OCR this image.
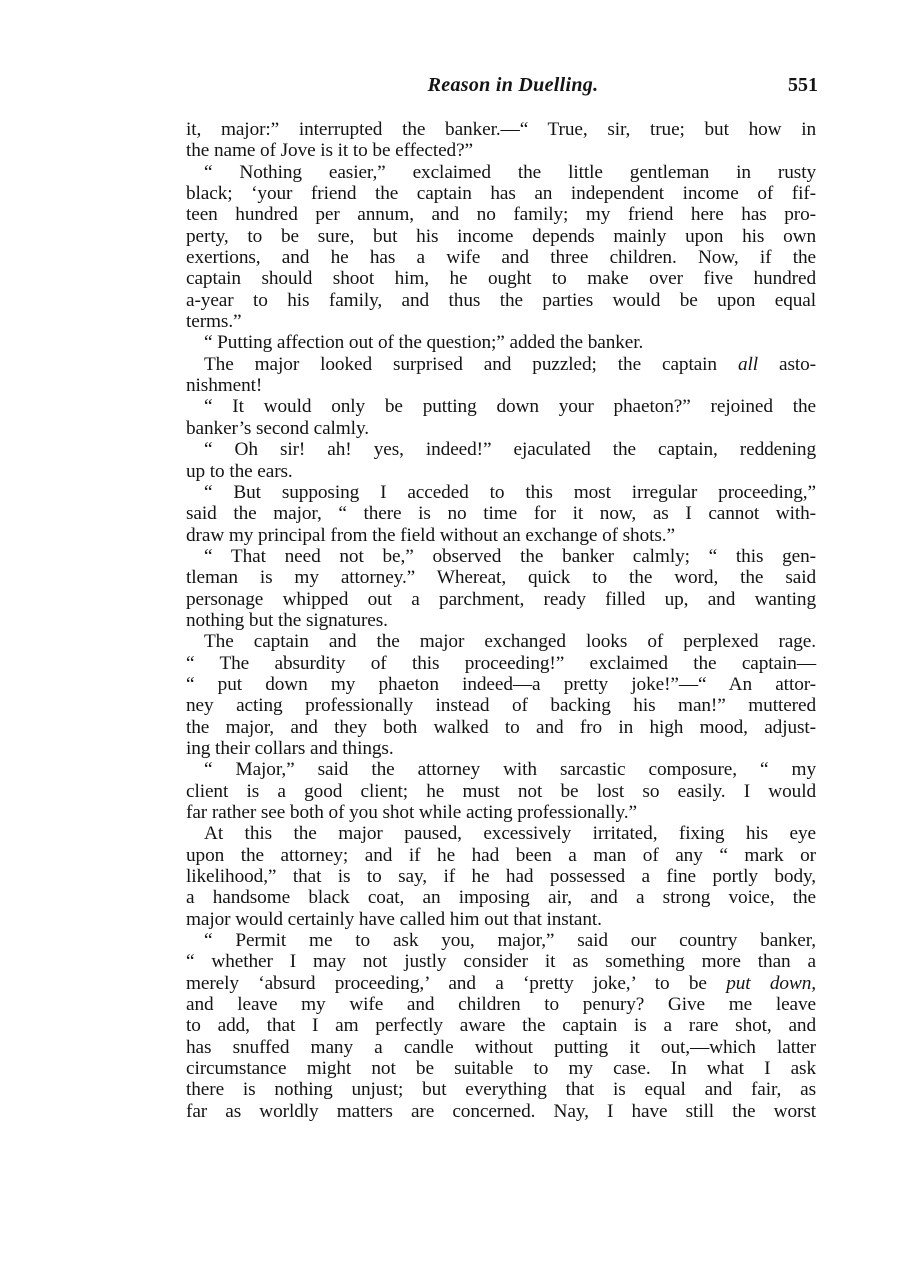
Reason in Duelling.	551
it, major:” interrupted the banker.—“ True, sir, true; but how in
the name of Jove is it to be effected?”
“ Nothing easier,” exclaimed the little gentleman in rusty
black; ‘your friend the captain has an independent income of fif-
teen hundred per annum, and no family; my friend here has pro-
perty, to be sure, but his income depends mainly upon his own
exertions, and he has a wife and three children. Now, if the
captain should shoot him, he ought to make over five hundred
a-year to his family, and thus the parties would be upon equal
terms.”
“ Putting affection out of the question;” added the banker.
The major looked surprised and puzzled; the captain all asto-
nishment!
“ It would only be putting down your phaeton?” rejoined the
banker’s second calmly.
“ Oh sir! ah! yes, indeed!” ejaculated the captain, reddening
up to the ears.
“ But supposing I acceded to this most irregular proceeding,”
said the major, “ there is no time for it now, as I cannot with-
draw my principal from the field without an exchange of shots.”
“ That need not be,” observed the banker calmly; “ this gen-
tleman is my attorney.” Whereat, quick to the word, the said
personage whipped out a parchment, ready filled up, and wanting
nothing but the signatures.
The captain and the major exchanged looks of perplexed rage.
“ The absurdity of this proceeding!” exclaimed the captain—
“ put down my phaeton indeed—a pretty joke!”—“ An attor-
ney acting professionally instead of backing his man!” muttered
the major, and they both walked to and fro in high mood, adjust-
ing their collars and things.
“ Major,” said the attorney with sarcastic composure, “ my
client is a good client; he must not be lost so easily. I would
far rather see both of you shot while acting professionally.”
At this the major paused, excessively irritated, fixing his eye
upon the attorney; and if he had been a man of any “ mark or
likelihood,” that is to say, if he had possessed a fine portly body,
a handsome black coat, an imposing air, and a strong voice, the
major would certainly have called him out that instant.
“ Permit me to ask you, major,” said our country banker,
“ whether I may not justly consider it as something more than a
merely ‘absurd proceeding,’ and a ‘pretty joke,’ to be put down,
and leave my wife and children to penury? Give me leave
to add, that I am perfectly aware the captain is a rare shot, and
has snuffed many a candle without putting it out,—which latter
circumstance might not be suitable to my case. In what I ask
there is nothing unjust; but everything that is equal and fair, as
far as worldly matters are concerned. Nay, I have still the worst
